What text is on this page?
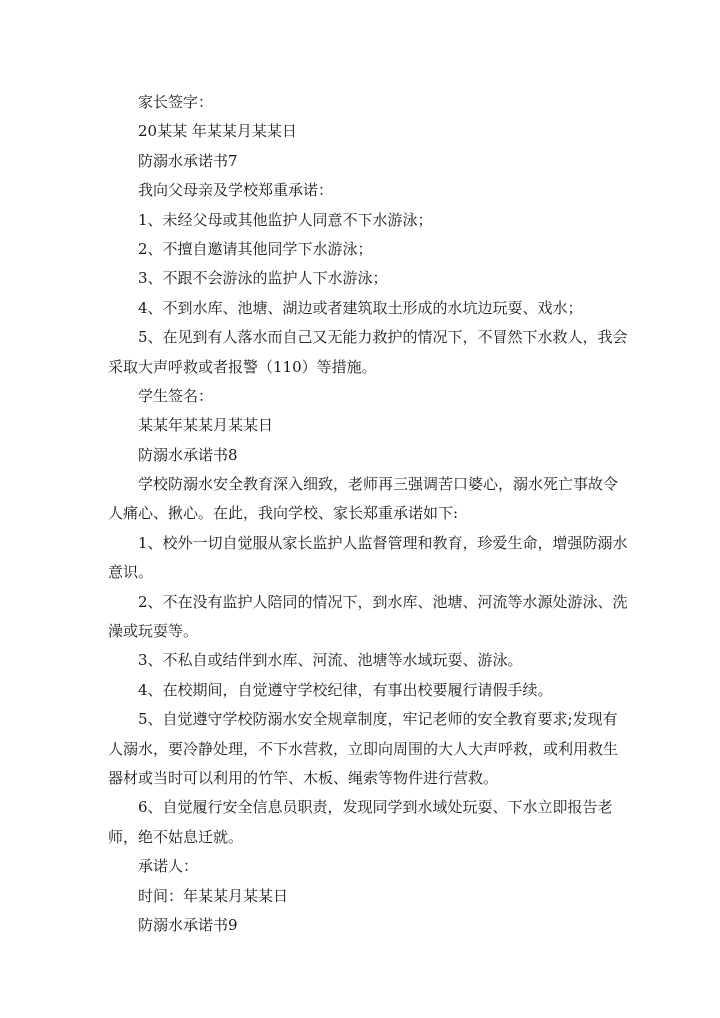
家长签字：
20某某 年某某月某某日
防溺水承诺书7
我向父母亲及学校郑重承诺：
1、未经父母或其他监护人同意不下水游泳；
2、不擅自邀请其他同学下水游泳；
3、不跟不会游泳的监护人下水游泳；
4、不到水库、池塘、湖边或者建筑取土形成的水坑边玩耍、戏水；
5、在见到有人落水而自己又无能力救护的情况下，不冒然下水救人，我会
采取大声呼救或者报警（110）等措施。
学生签名：
某某年某某月某某日
防溺水承诺书8
学校防溺水安全教育深入细致，老师再三强调苦口婆心，溺水死亡事故令
人痛心、揪心。在此，我向学校、家长郑重承诺如下:
1、校外一切自觉服从家长监护人监督管理和教育，珍爱生命，增强防溺水
意识。
2、不在没有监护人陪同的情况下，到水库、池塘、河流等水源处游泳、洗
澡或玩耍等。
3、不私自或结伴到水库、河流、池塘等水域玩耍、游泳。
4、在校期间，自觉遵守学校纪律，有事出校要履行请假手续。
5、自觉遵守学校防溺水安全规章制度，牢记老师的安全教育要求;发现有
人溺水，要冷静处理，不下水营救，立即向周围的大人大声呼救，或利用救生
器材或当时可以利用的竹竿、木板、绳索等物件进行营救。
6、自觉履行安全信息员职责，发现同学到水域处玩耍、下水立即报告老
师，绝不姑息迁就。
承诺人：
时间：年某某月某某日
防溺水承诺书9
